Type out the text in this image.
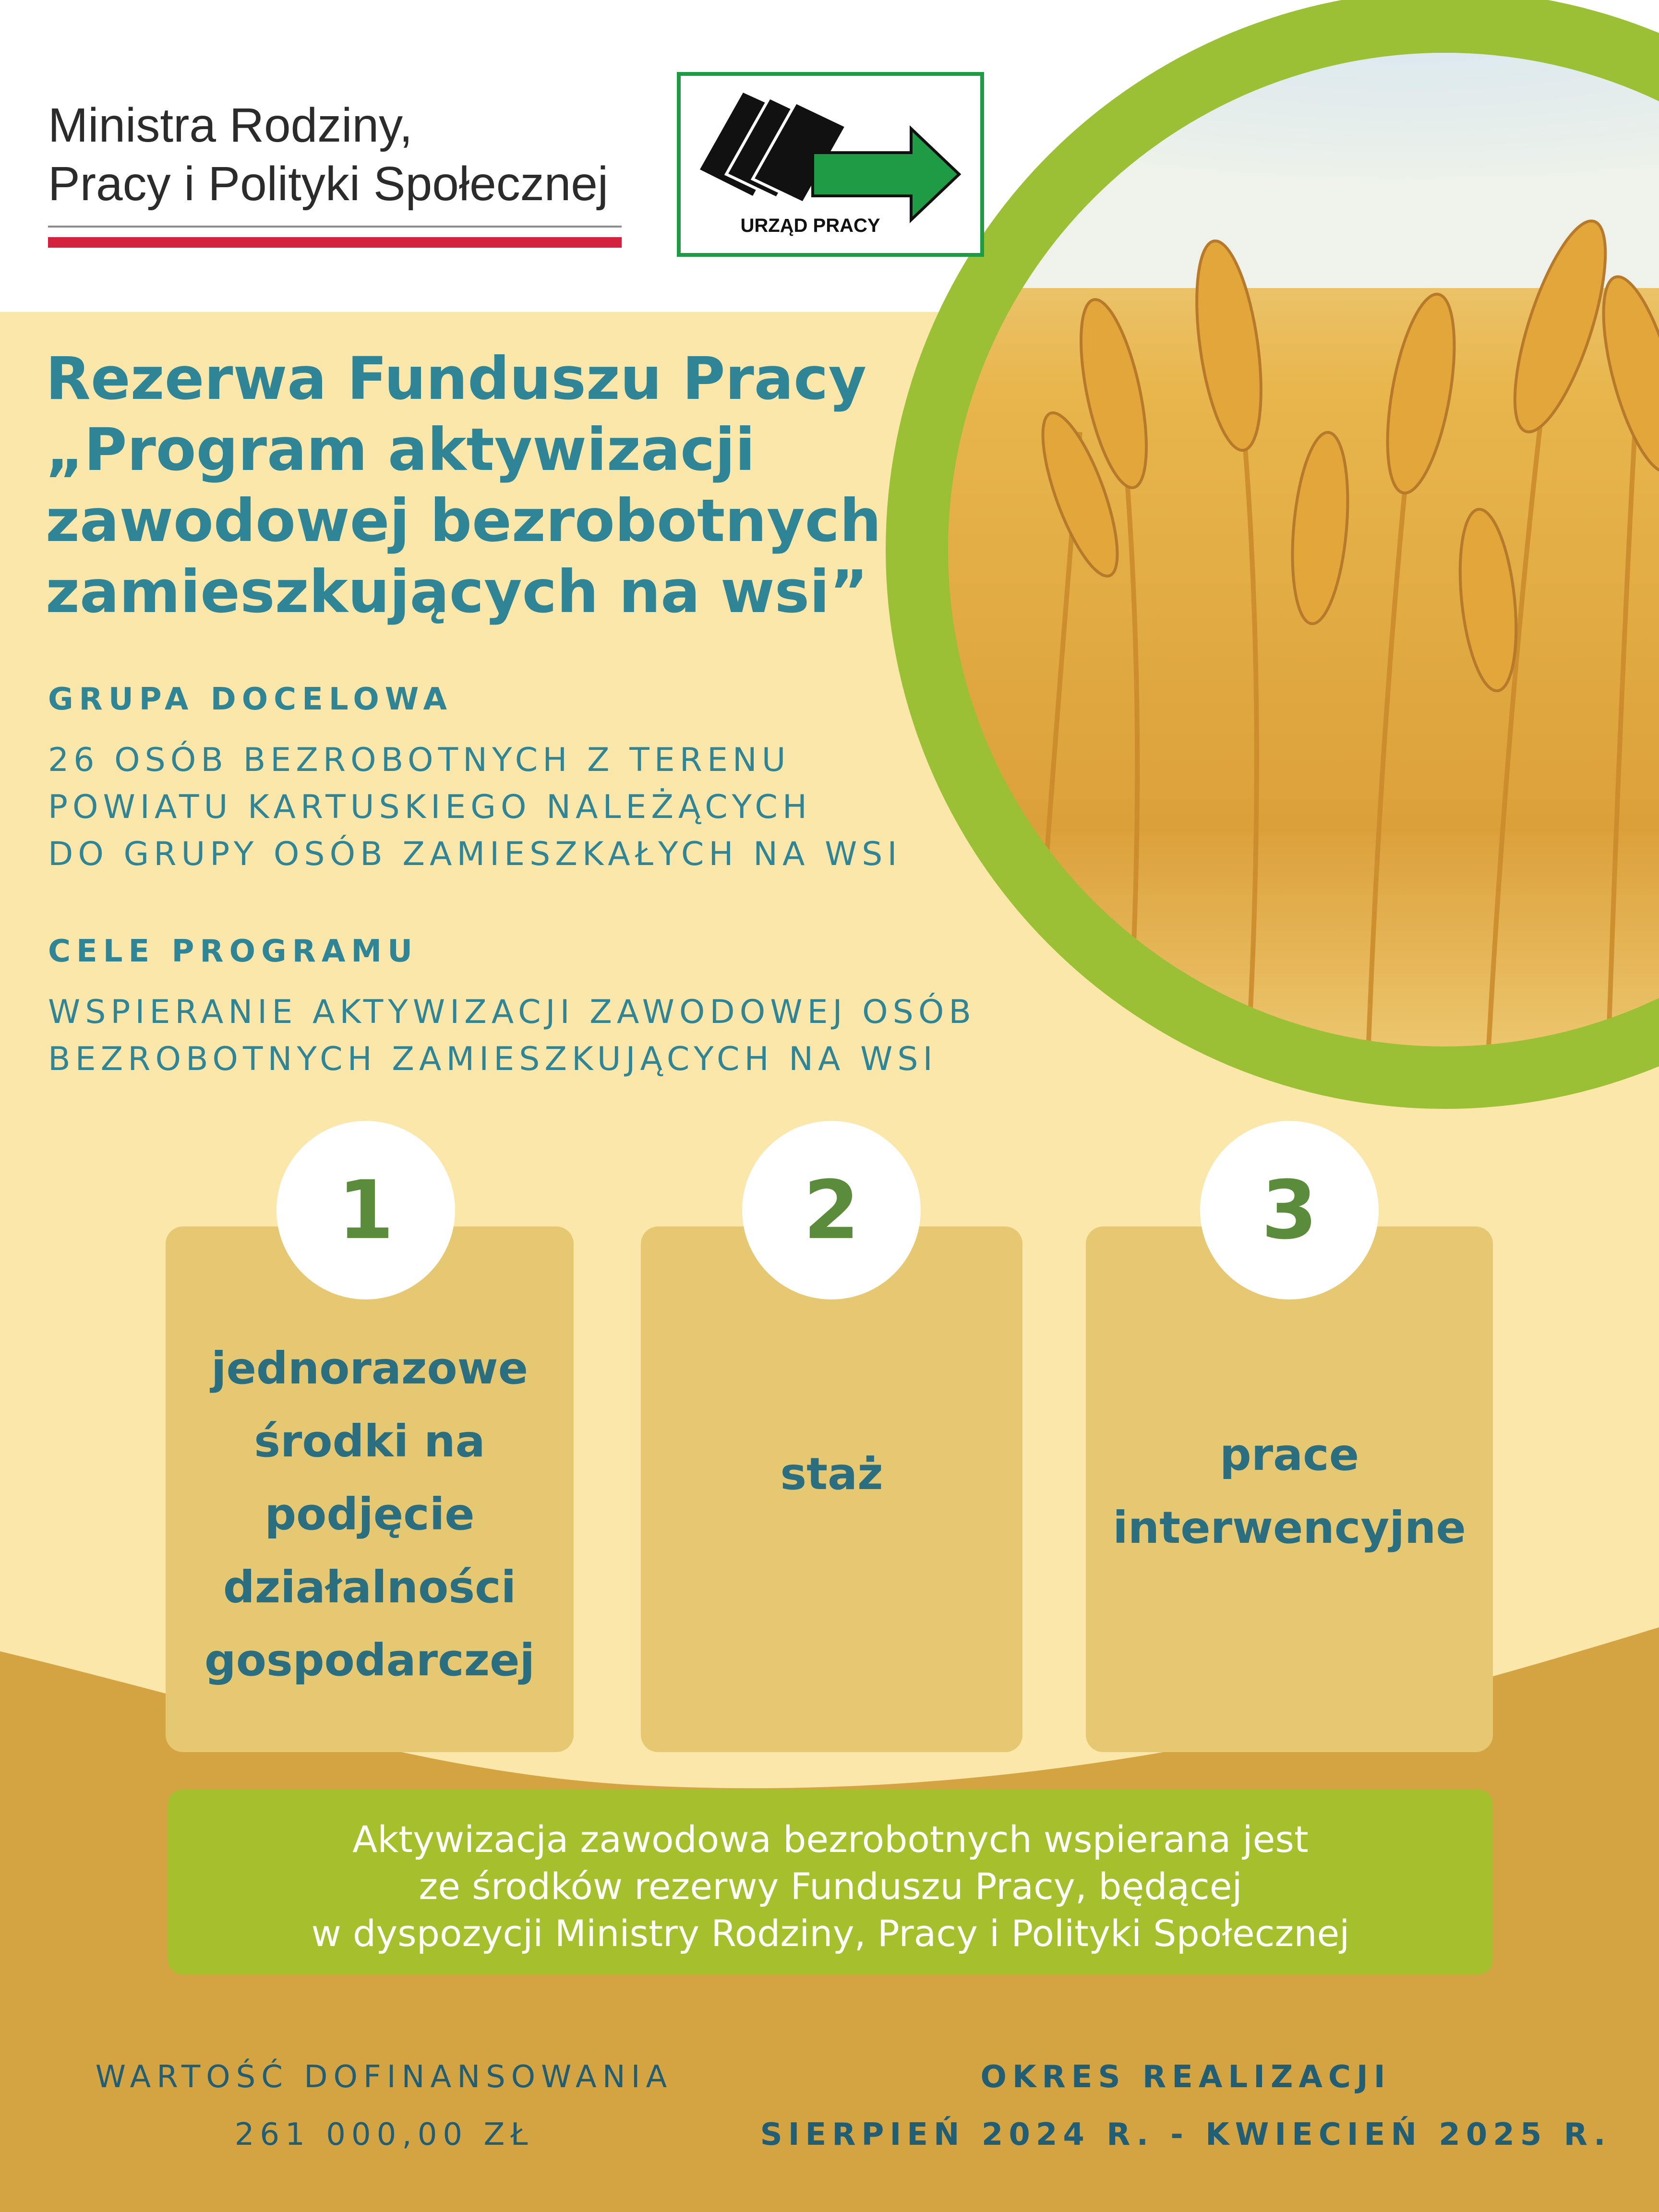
Ministra Rodziny,
Pracy i Polityki Społecznej
URZĄD PRACY
Rezerwa Funduszu Pracy
„Program aktywizacji
zawodowej bezrobotnych
zamieszkujących na wsi”
GRUPA DOCELOWA
26 OSÓB BEZROBOTNYCH Z TERENU
POWIATU KARTUSKIEGO NALEŻĄCYCH
DO GRUPY OSÓB ZAMIESZKAŁYCH NA WSI
CELE PROGRAMU
WSPIERANIE AKTYWIZACJI ZAWODOWEJ OSÓB
BEZROBOTNYCH ZAMIESZKUJĄCYCH NA WSI
jednorazowe
środki na
podjęcie
działalności
gospodarczej
1
staż
2
prace
interwencyjne
3
Aktywizacja zawodowa bezrobotnych wspierana jest
ze środków rezerwy Funduszu Pracy, będącej
w dyspozycji Ministry Rodziny, Pracy i Polityki Społecznej
WARTOŚĆ DOFINANSOWANIA
261 000,00 ZŁ
OKRES REALIZACJI
SIERPIEŃ 2024 R. - KWIECIEŃ 2025 R.
